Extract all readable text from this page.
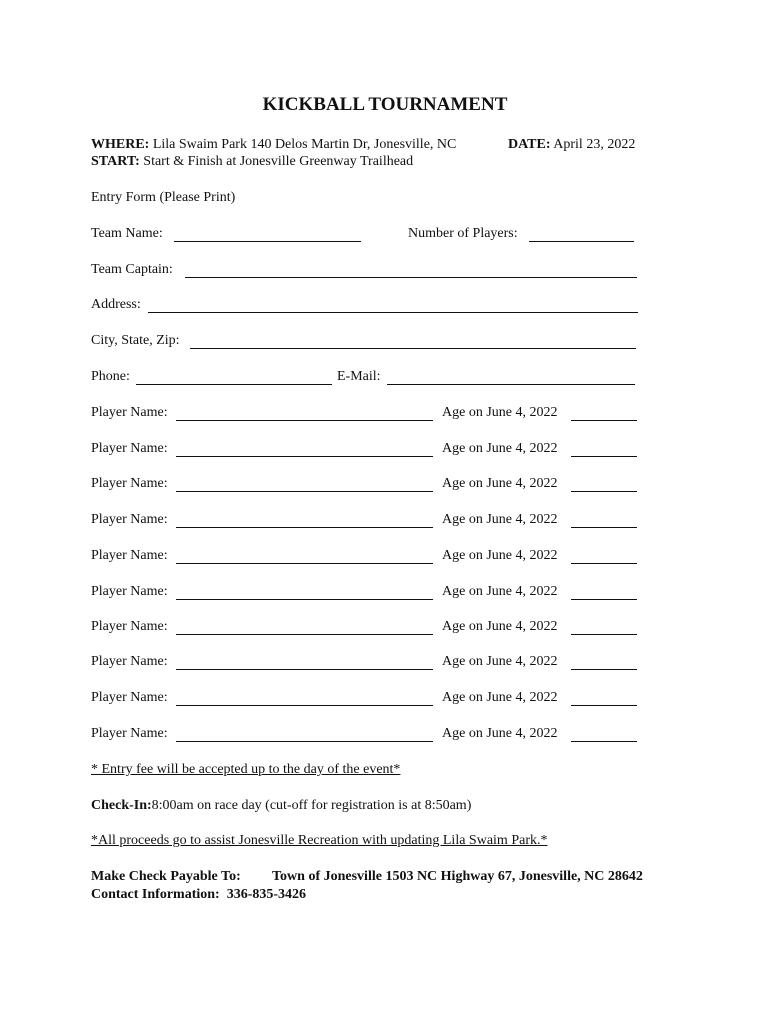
KICKBALL TOURNAMENT
WHERE: Lila Swaim Park 140 Delos Martin Dr, Jonesville, NC	DATE: April 23, 2022
START: Start & Finish at Jonesville Greenway Trailhead
Entry Form (Please Print)
Team Name:	Number of Players:
Team Captain:
Address:
City, State, Zip:
Phone:	E-Mail:
Player Name:	Age on June 4, 2022
Player Name:	Age on June 4, 2022
Player Name:	Age on June 4, 2022
Player Name:	Age on June 4, 2022
Player Name:	Age on June 4, 2022
Player Name:	Age on June 4, 2022
Player Name:	Age on June 4, 2022
Player Name:	Age on June 4, 2022
Player Name:	Age on June 4, 2022
Player Name:	Age on June 4, 2022
* Entry fee will be accepted up to the day of the event*
Check-In:8:00am on race day (cut-off for registration is at 8:50am)
*All proceeds go to assist Jonesville Recreation with updating Lila Swaim Park.*
Make Check Payable To: Town of Jonesville 1503 NC Highway 67, Jonesville, NC 28642
Contact Information: 336-835-3426
